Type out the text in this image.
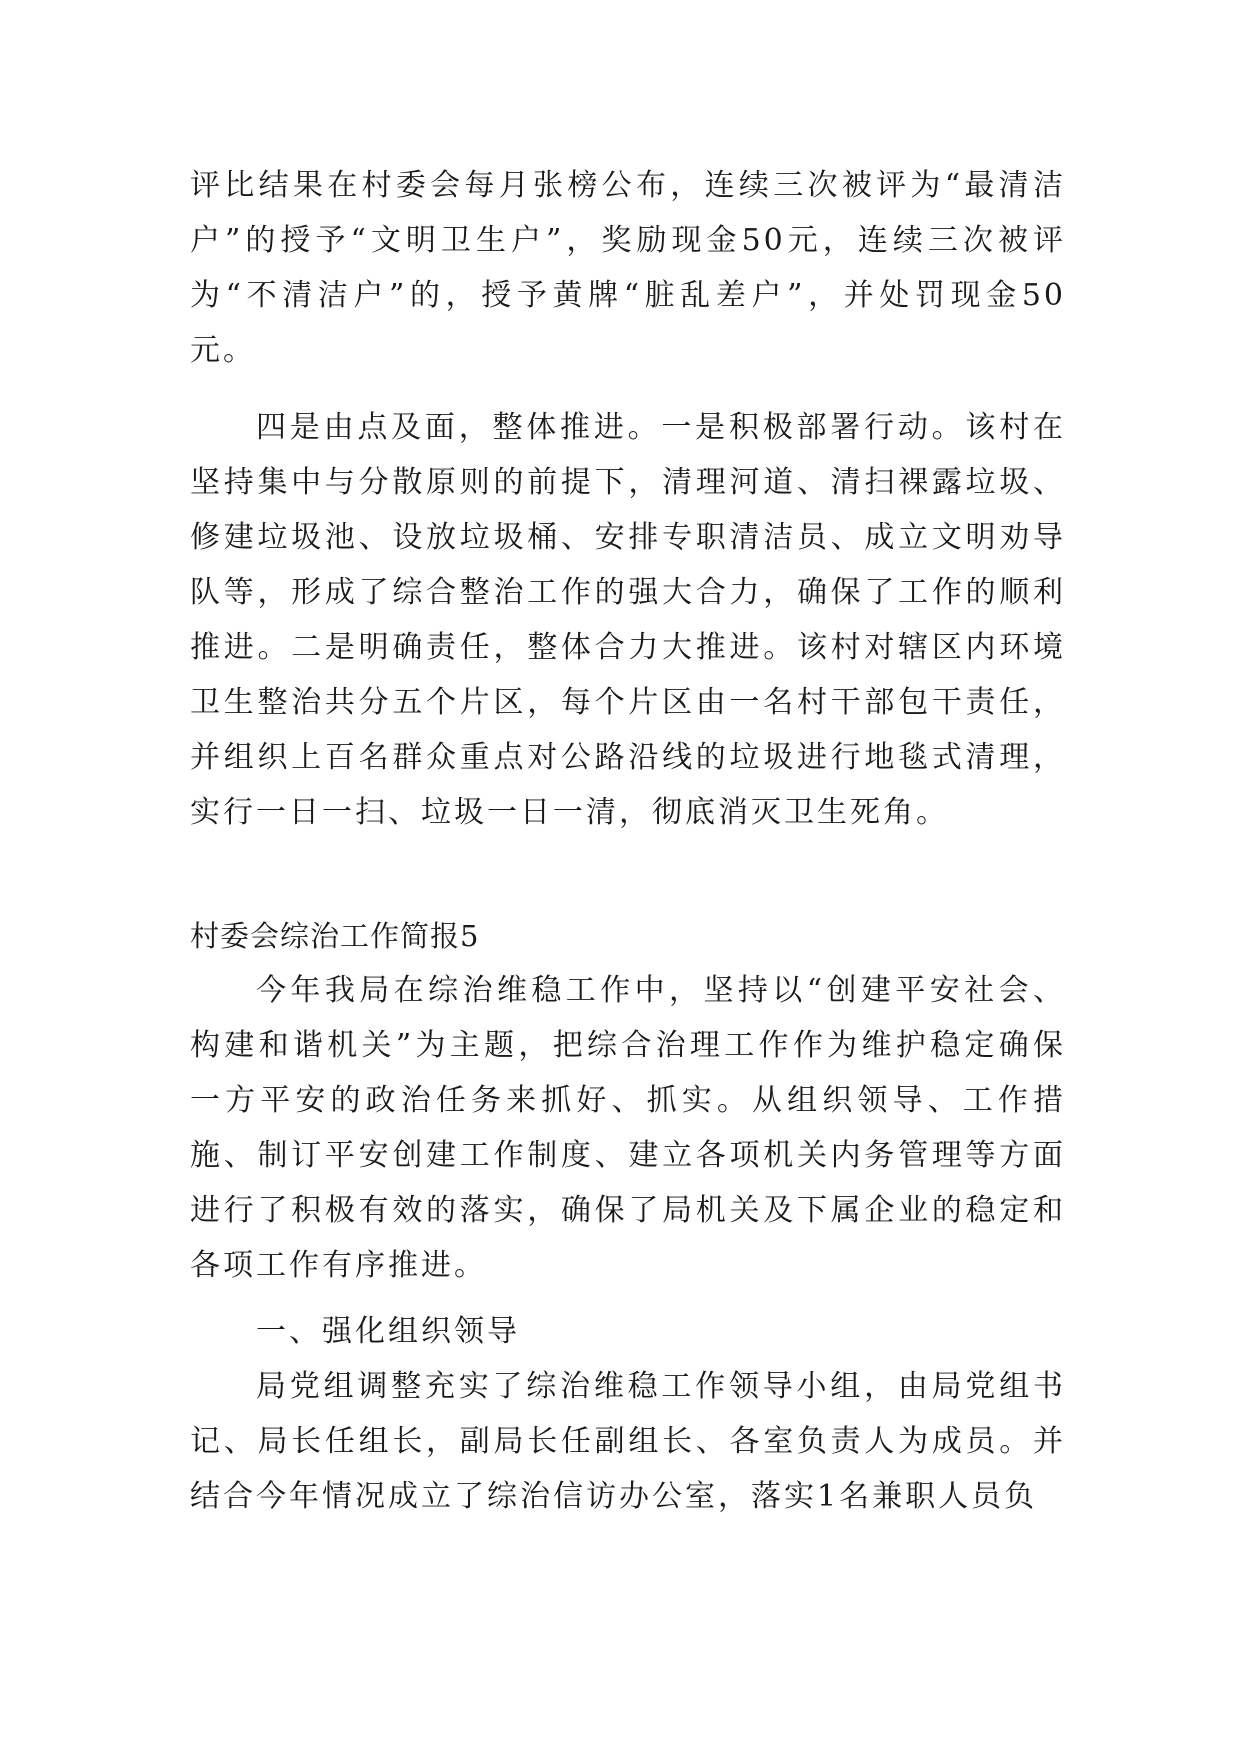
评比结果在村委会每月张榜公布，连续三次被评为“最清洁户”的授予“文明卫生户”，奖励现金50元，连续三次被评为“不清洁户”的，授予黄牌“脏乱差户”，并处罚现金50元。

四是由点及面，整体推进。一是积极部署行动。该村在坚持集中与分散原则的前提下，清理河道、清扫裸露垃圾、修建垃圾池、设放垃圾桶、安排专职清洁员、成立文明劝导队等，形成了综合整治工作的强大合力，确保了工作的顺利推进。二是明确责任，整体合力大推进。该村对辖区内环境卫生整治共分五个片区，每个片区由一名村干部包干责任，并组织上百名群众重点对公路沿线的垃圾进行地毯式清理，实行一日一扫、垃圾一日一清，彻底消灭卫生死角。

村委会综治工作简报5

今年我局在综治维稳工作中，坚持以“创建平安社会、构建和谐机关”为主题，把综合治理工作作为维护稳定确保一方平安的政治任务来抓好、抓实。从组织领导、工作措施、制订平安创建工作制度、建立各项机关内务管理等方面进行了积极有效的落实，确保了局机关及下属企业的稳定和各项工作有序推进。

一、强化组织领导

局党组调整充实了综治维稳工作领导小组，由局党组书记、局长任组长，副局长任副组长、各室负责人为成员。并结合今年情况成立了综治信访办公室，落实1名兼职人员负
